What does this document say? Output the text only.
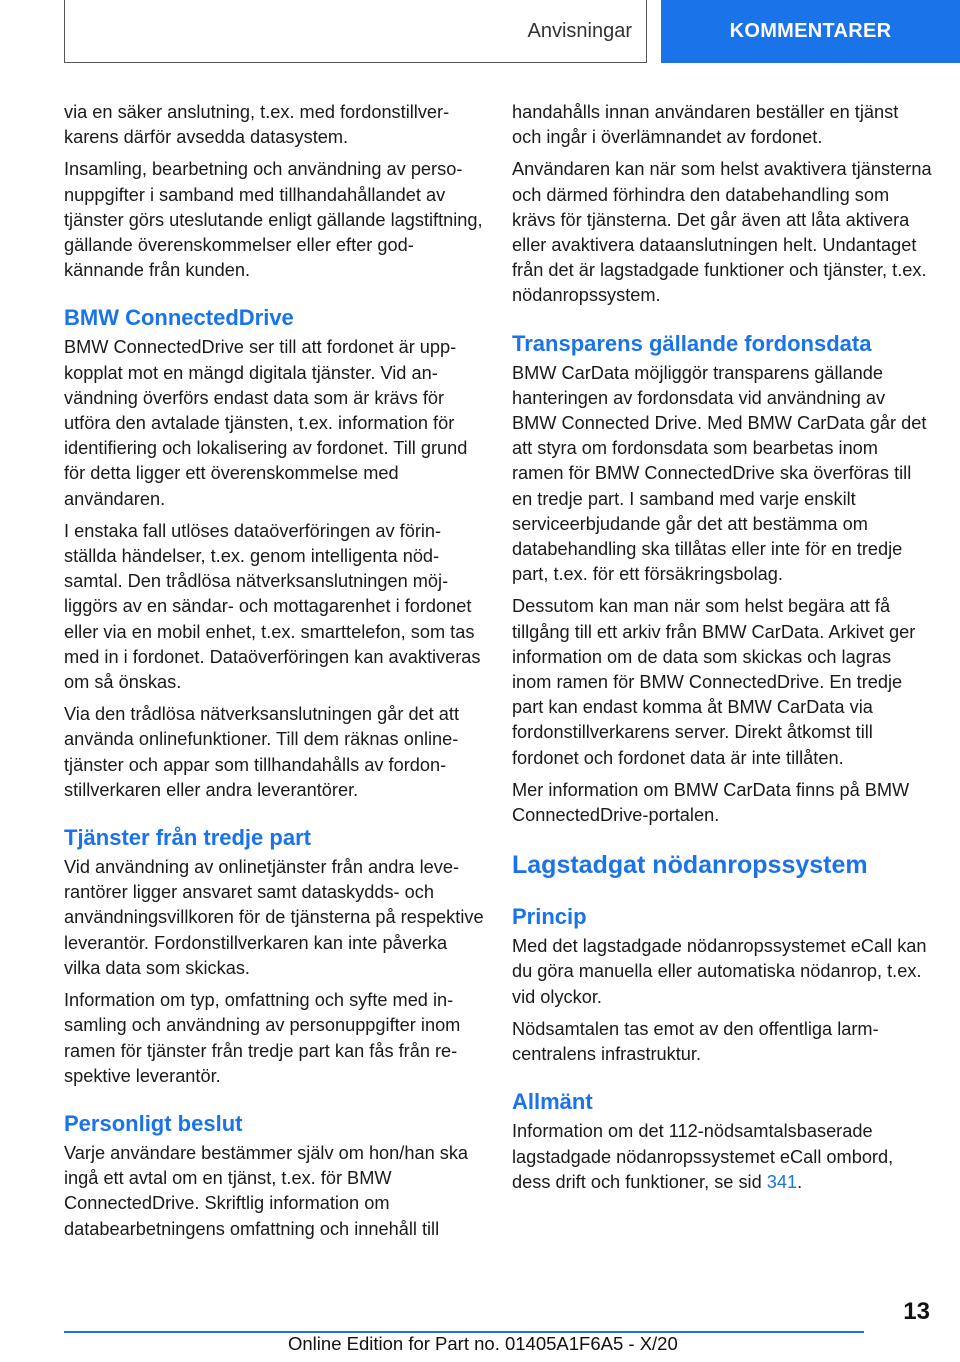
Anvisningar	KOMMENTARER

via en säker anslutning, t.ex. med fordonstillverkarens därför avsedda datasystem.

Insamling, bearbetning och användning av personuppgifter i samband med tillhandahållandet av tjänster görs uteslutande enligt gällande lagstiftning, gällande överenskommelser eller efter godkännande från kunden.

BMW ConnectedDrive

BMW ConnectedDrive ser till att fordonet är uppkopplat mot en mängd digitala tjänster. Vid användning överförs endast data som är krävs för utföra den avtalade tjänsten, t.ex. information för identifiering och lokalisering av fordonet. Till grund för detta ligger ett överenskommelse med användaren.

I enstaka fall utlöses dataöverföringen av förinställda händelser, t.ex. genom intelligenta nödsamtal. Den trådlösa nätverksanslutningen möjliggörs av en sändar- och mottagarenhet i fordonet eller via en mobil enhet, t.ex. smarttelefon, som tas med in i fordonet. Dataöverföringen kan avaktiveras om så önskas.

Via den trådlösa nätverksanslutningen går det att använda onlinefunktioner. Till dem räknas onlinetjänster och appar som tillhandahålls av fordonstillverkaren eller andra leverantörer.

Tjänster från tredje part

Vid användning av onlinetjänster från andra leverantörer ligger ansvaret samt dataskydds- och användningsvillkoren för de tjänsterna på respektive leverantör. Fordonstillverkaren kan inte påverka vilka data som skickas.

Information om typ, omfattning och syfte med insamling och användning av personuppgifter inom ramen för tjänster från tredje part kan fås från respektive leverantör.

Personligt beslut

Varje användare bestämmer själv om hon/han ska ingå ett avtal om en tjänst, t.ex. för BMW ConnectedDrive. Skriftlig information om databearbetningens omfattning och innehåll till

handahålls innan användaren beställer en tjänst och ingår i överlämnandet av fordonet.

Användaren kan när som helst avaktivera tjänsterna och därmed förhindra den databehandling som krävs för tjänsterna. Det går även att låta aktivera eller avaktivera dataanslutningen helt. Undantaget från det är lagstadgade funktioner och tjänster, t.ex. nödanropssystem.

Transparens gällande fordonsdata

BMW CarData möjliggör transparens gällande hanteringen av fordonsdata vid användning av BMW Connected Drive. Med BMW CarData går det att styra om fordonsdata som bearbetas inom ramen för BMW ConnectedDrive ska överföras till en tredje part. I samband med varje enskilt serviceerbjudande går det att bestämma om databehandling ska tillåtas eller inte för en tredje part, t.ex. för ett försäkringsbolag.

Dessutom kan man när som helst begära att få tillgång till ett arkiv från BMW CarData. Arkivet ger information om de data som skickas och lagras inom ramen för BMW ConnectedDrive. En tredje part kan endast komma åt BMW CarData via fordonstillverkarens server. Direkt åtkomst till fordonet och fordonet data är inte tillåten.

Mer information om BMW CarData finns på BMW ConnectedDrive-portalen.

Lagstadgat nödanropssystem
Princip

Med det lagstadgade nödanropssystemet eCall kan du göra manuella eller automatiska nödanrop, t.ex. vid olyckor.

Nödsamtalen tas emot av den offentliga larmcentralens infrastruktur.

Allmänt

Information om det 112-nödsamtalsbaserade lagstadgade nödanropssystemet eCall ombord, dess drift och funktioner, se sid 341.

13
Online Edition for Part no. 01405A1F6A5 - X/20
